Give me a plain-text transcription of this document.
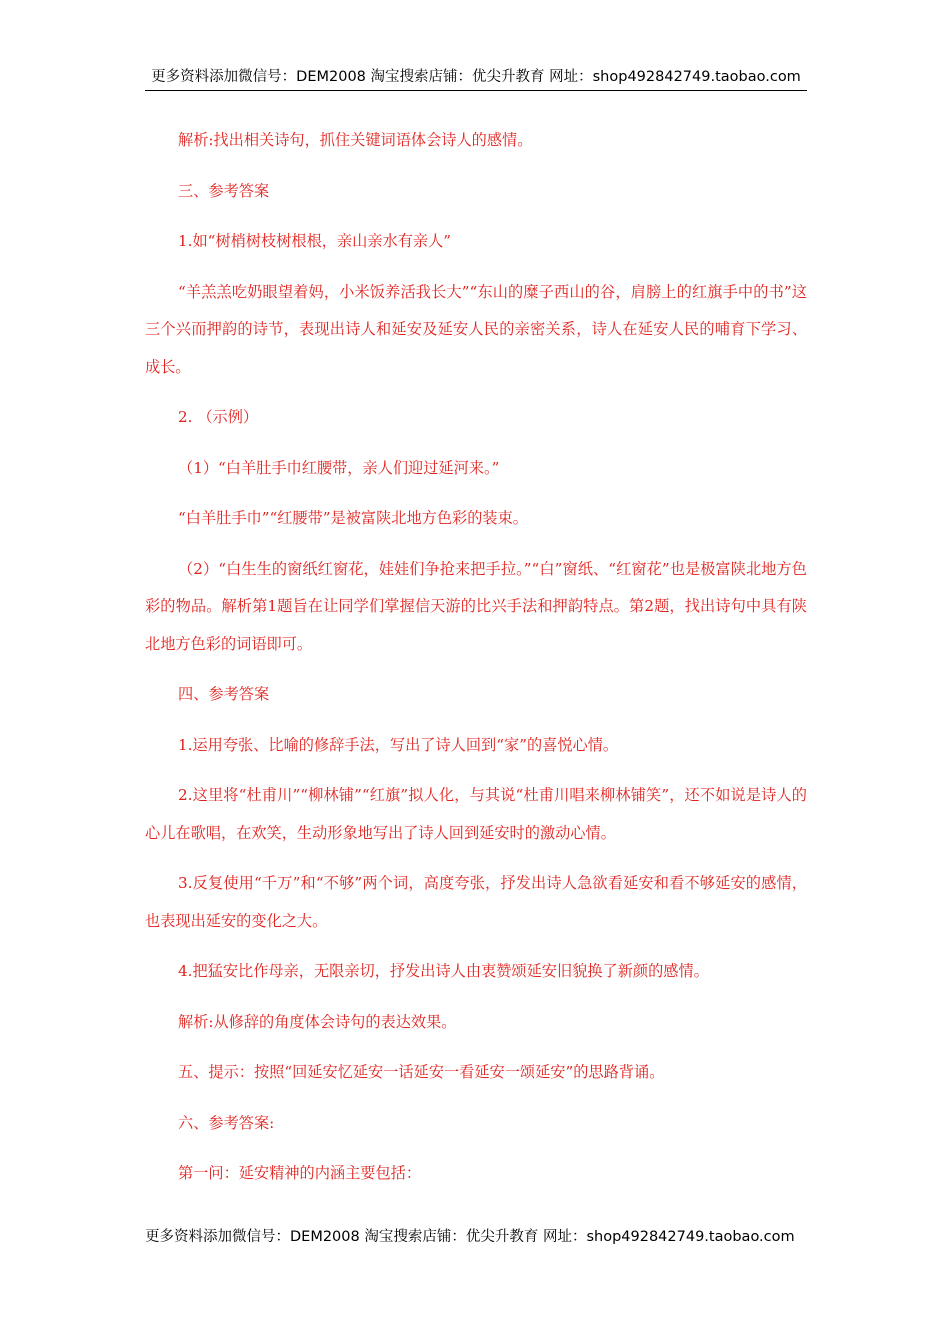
更多资料添加微信号：DEM2008 淘宝搜索店铺：优尖升教育 网址：shop492842749.taobao.com

解析:找出相关诗句，抓住关键词语体会诗人的感情。

三、参考答案

1.如“树梢树枝树根根，亲山亲水有亲人”

“羊羔羔吃奶眼望着妈，小米饭养活我长大”“东山的糜子西山的谷，肩膀上的红旗手中的书”这三个兴而押韵的诗节，表现出诗人和延安及延安人民的亲密关系，诗人在延安人民的哺育下学习、成长。

2. （示例）

（1）“白羊肚手巾红腰带，亲人们迎过延河来。”

“白羊肚手巾”“红腰带”是被富陕北地方色彩的装束。

（2）“白生生的窗纸红窗花，娃娃们争抢来把手拉。”“白”窗纸、“红窗花”也是极富陕北地方色彩的物品。解析第1题旨在让同学们掌握信天游的比兴手法和押韵特点。第2题，找出诗句中具有陕北地方色彩的词语即可。

四、参考答案

1.运用夸张、比喻的修辞手法，写出了诗人回到“家”的喜悦心情。

2.这里将“杜甫川”“柳林铺”“红旗”拟人化，与其说“杜甫川唱来柳林铺笑”，还不如说是诗人的心儿在歌唱，在欢笑，生动形象地写出了诗人回到延安时的激动心情。

3.反复使用“千万”和“不够”两个词，高度夸张，抒发出诗人急欲看延安和看不够延安的感情，也表现出延安的变化之大。

4.把猛安比作母亲，无限亲切，抒发出诗人由衷赞颂延安旧貌换了新颜的感情。

解析:从修辞的角度体会诗句的表达效果。

五、提示：按照“回延安忆延安一话延安一看延安一颂延安”的思路背诵。

六、参考答案:

第一问：延安精神的内涵主要包括：

更多资料添加微信号：DEM2008 淘宝搜索店铺：优尖升教育 网址：shop492842749.taobao.com
